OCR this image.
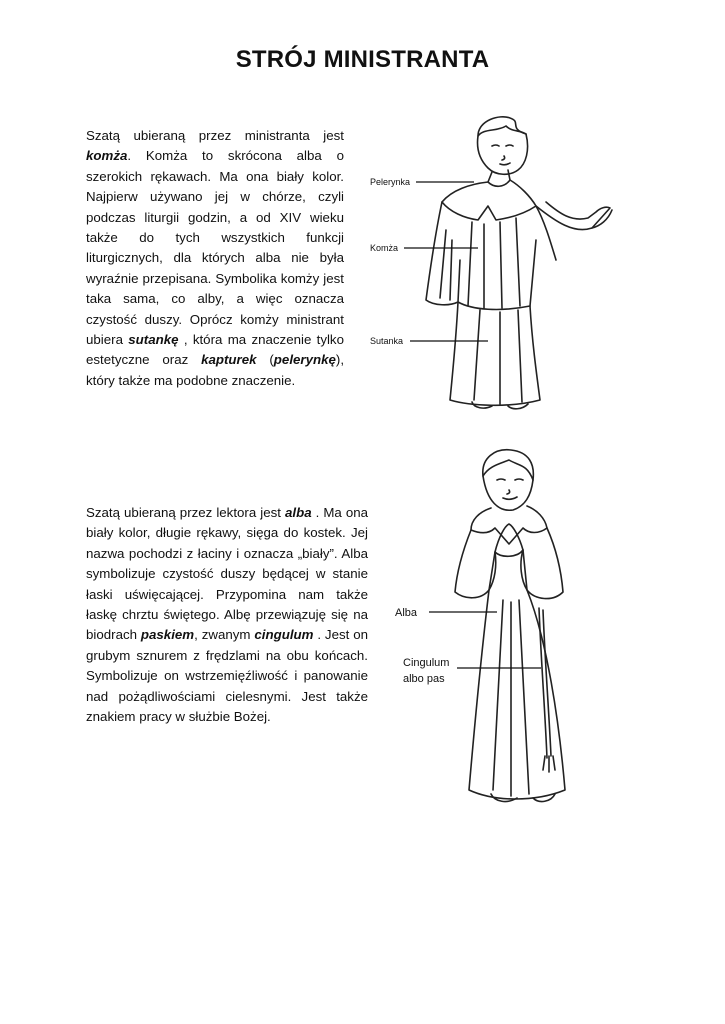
STRÓJ MINISTRANTA
Szatą ubieraną przez ministranta jest komża. Komża to skrócona alba o szerokich rękawach. Ma ona biały kolor. Najpierw używano jej w chórze, czyli podczas liturgii godzin, a od XIV wieku także do tych wszystkich funkcji liturgicznych, dla których alba nie była wyraźnie przepisana. Symbolika komży jest taka sama, co alby, a więc oznacza czystość duszy. Oprócz komży ministrant ubiera sutankę , która ma znaczenie tylko estetyczne oraz kapturek (pelerynkę), który także ma podobne znaczenie.
Szatą ubieraną przez lektora jest alba . Ma ona biały kolor, długie rękawy, sięga do kostek. Jej nazwa pochodzi z łaciny i oznacza „biały”. Alba symbolizuje czystość duszy będącej w stanie łaski uświęcającej. Przypomina nam także łaskę chrztu świętego. Albę przewiązuję się na biodrach paskiem, zwanym cingulum . Jest on grubym sznurem z frędzlami na obu końcach. Symbolizuje on wstrzemięźliwość i panowanie nad pożądliwościami cielesnymi. Jest także znakiem pracy w służbie Bożej.
Pelerynka
Komża
Sutanka
Alba
Cingulum
albo pas
